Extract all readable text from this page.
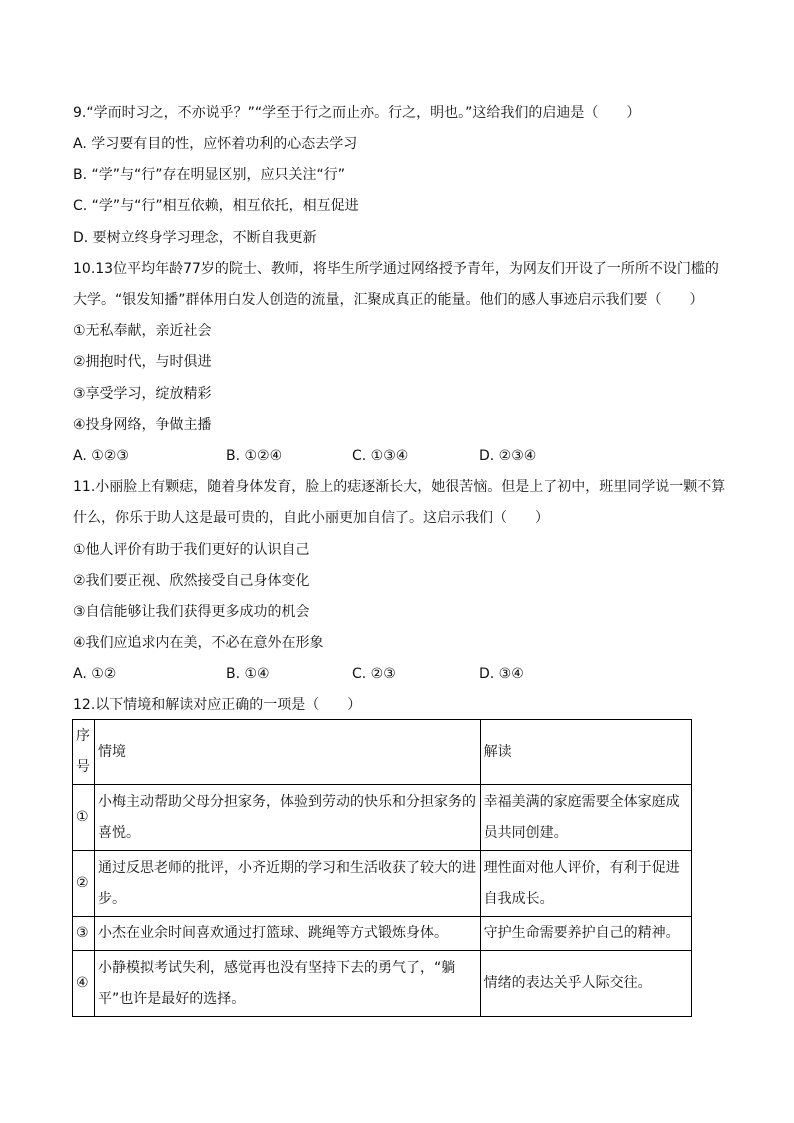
9.“学而时习之，不亦说乎？”“学至于行之而止亦。行之，明也。”这给我们的启迪是（　　）
A. 学习要有目的性，应怀着功利的心态去学习
B. “学”与“行”存在明显区别，应只关注“行”
C. “学”与“行”相互依赖，相互依托，相互促进
D. 要树立终身学习理念，不断自我更新
10.13位平均年龄77岁的院士、教师，将毕生所学通过网络授予青年，为网友们开设了一所所不设门槛的
大学。“银发知播”群体用白发人创造的流量，汇聚成真正的能量。他们的感人事迹启示我们要（　　）
①无私奉献，亲近社会
②拥抱时代，与时俱进
③享受学习，绽放精彩
④投身网络，争做主播
A. ①②③	B. ①②④	C. ①③④	D. ②③④
11.小丽脸上有颗痣，随着身体发育，脸上的痣逐渐长大，她很苦恼。但是上了初中，班里同学说一颗不算
什么，你乐于助人这是最可贵的，自此小丽更加自信了。这启示我们（　　）
①他人评价有助于我们更好的认识自己
②我们要正视、欣然接受自己身体变化
③自信能够让我们获得更多成功的机会
④我们应追求内在美，不必在意外在形象
A. ①②	B. ①④	C. ②③	D. ③④
12.以下情境和解读对应正确的一项是（　　）
序号	情境	解读
①	小梅主动帮助父母分担家务，体验到劳动的快乐和分担家务的喜悦。	幸福美满的家庭需要全体家庭成员共同创建。
②	通过反思老师的批评，小齐近期的学习和生活收获了较大的进步。	理性面对他人评价，有利于促进自我成长。
③	小杰在业余时间喜欢通过打篮球、跳绳等方式锻炼身体。	守护生命需要养护自己的精神。
④	小静模拟考试失利，感觉再也没有坚持下去的勇气了，“躺平”也许是最好的选择。	情绪的表达关乎人际交往。
